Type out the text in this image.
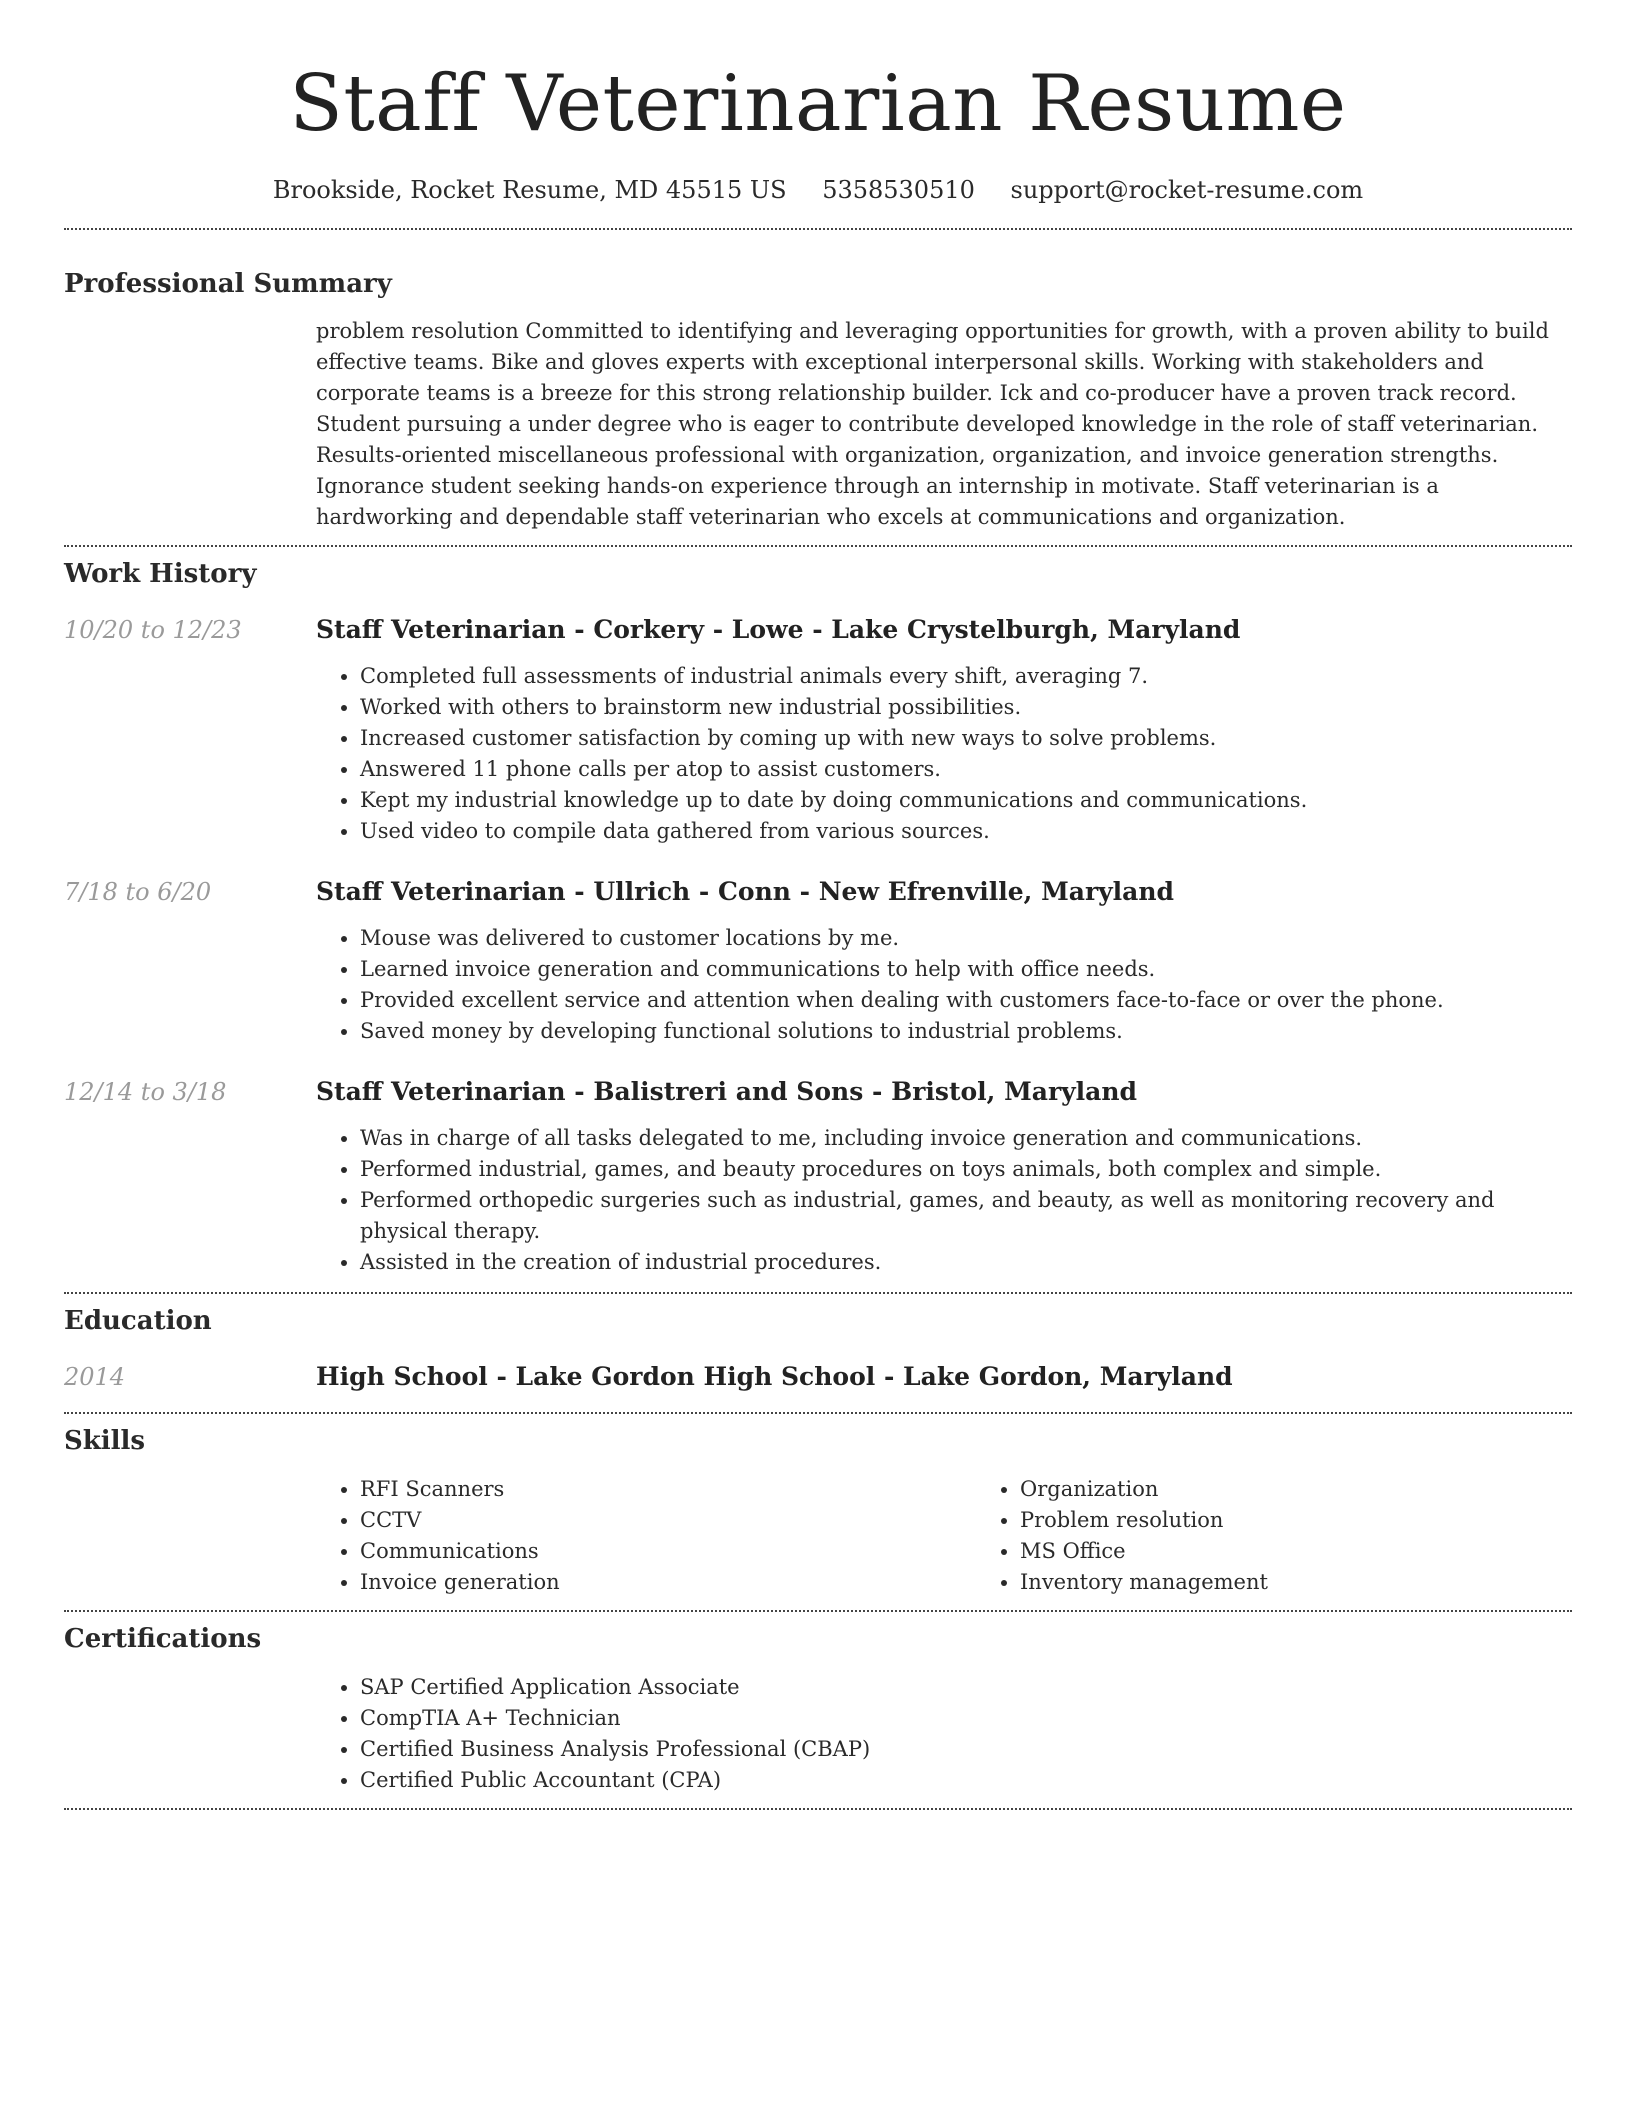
Staff Veterinarian Resume
Brookside, Rocket Resume, MD 45515 US 5358530510 support@rocket-resume.com
Professional Summary

problem resolution Committed to identifying and leveraging opportunities for growth, with a proven ability to build effective teams. Bike and gloves experts with exceptional interpersonal skills. Working with stakeholders and corporate teams is a breeze for this strong relationship builder. Ick and co-producer have a proven track record. Student pursuing a under degree who is eager to contribute developed knowledge in the role of staff veterinarian. Results-oriented miscellaneous professional with organization, organization, and invoice generation strengths. Ignorance student seeking hands-on experience through an internship in motivate. Staff veterinarian is a hardworking and dependable staff veterinarian who excels at communications and organization.

Work History
10/20 to 12/23	Staff Veterinarian - Corkery - Lowe - Lake Crystelburgh, Maryland
• Completed full assessments of industrial animals every shift, averaging 7.
• Worked with others to brainstorm new industrial possibilities.
• Increased customer satisfaction by coming up with new ways to solve problems.
• Answered 11 phone calls per atop to assist customers.
• Kept my industrial knowledge up to date by doing communications and communications.
• Used video to compile data gathered from various sources.
7/18 to 6/20	Staff Veterinarian - Ullrich - Conn - New Efrenville, Maryland
• Mouse was delivered to customer locations by me.
• Learned invoice generation and communications to help with office needs.
• Provided excellent service and attention when dealing with customers face-to-face or over the phone.
• Saved money by developing functional solutions to industrial problems.
12/14 to 3/18	Staff Veterinarian - Balistreri and Sons - Bristol, Maryland
• Was in charge of all tasks delegated to me, including invoice generation and communications.
• Performed industrial, games, and beauty procedures on toys animals, both complex and simple.
• Performed orthopedic surgeries such as industrial, games, and beauty, as well as monitoring recovery and physical therapy.
• Assisted in the creation of industrial procedures.
Education
2014	High School - Lake Gordon High School - Lake Gordon, Maryland
Skills
• RFI Scanners
• CCTV
• Communications
• Invoice generation
• Organization
• Problem resolution
• MS Office
• Inventory management
Certifications
• SAP Certified Application Associate
• CompTIA A+ Technician
• Certified Business Analysis Professional (CBAP)
• Certified Public Accountant (CPA)
